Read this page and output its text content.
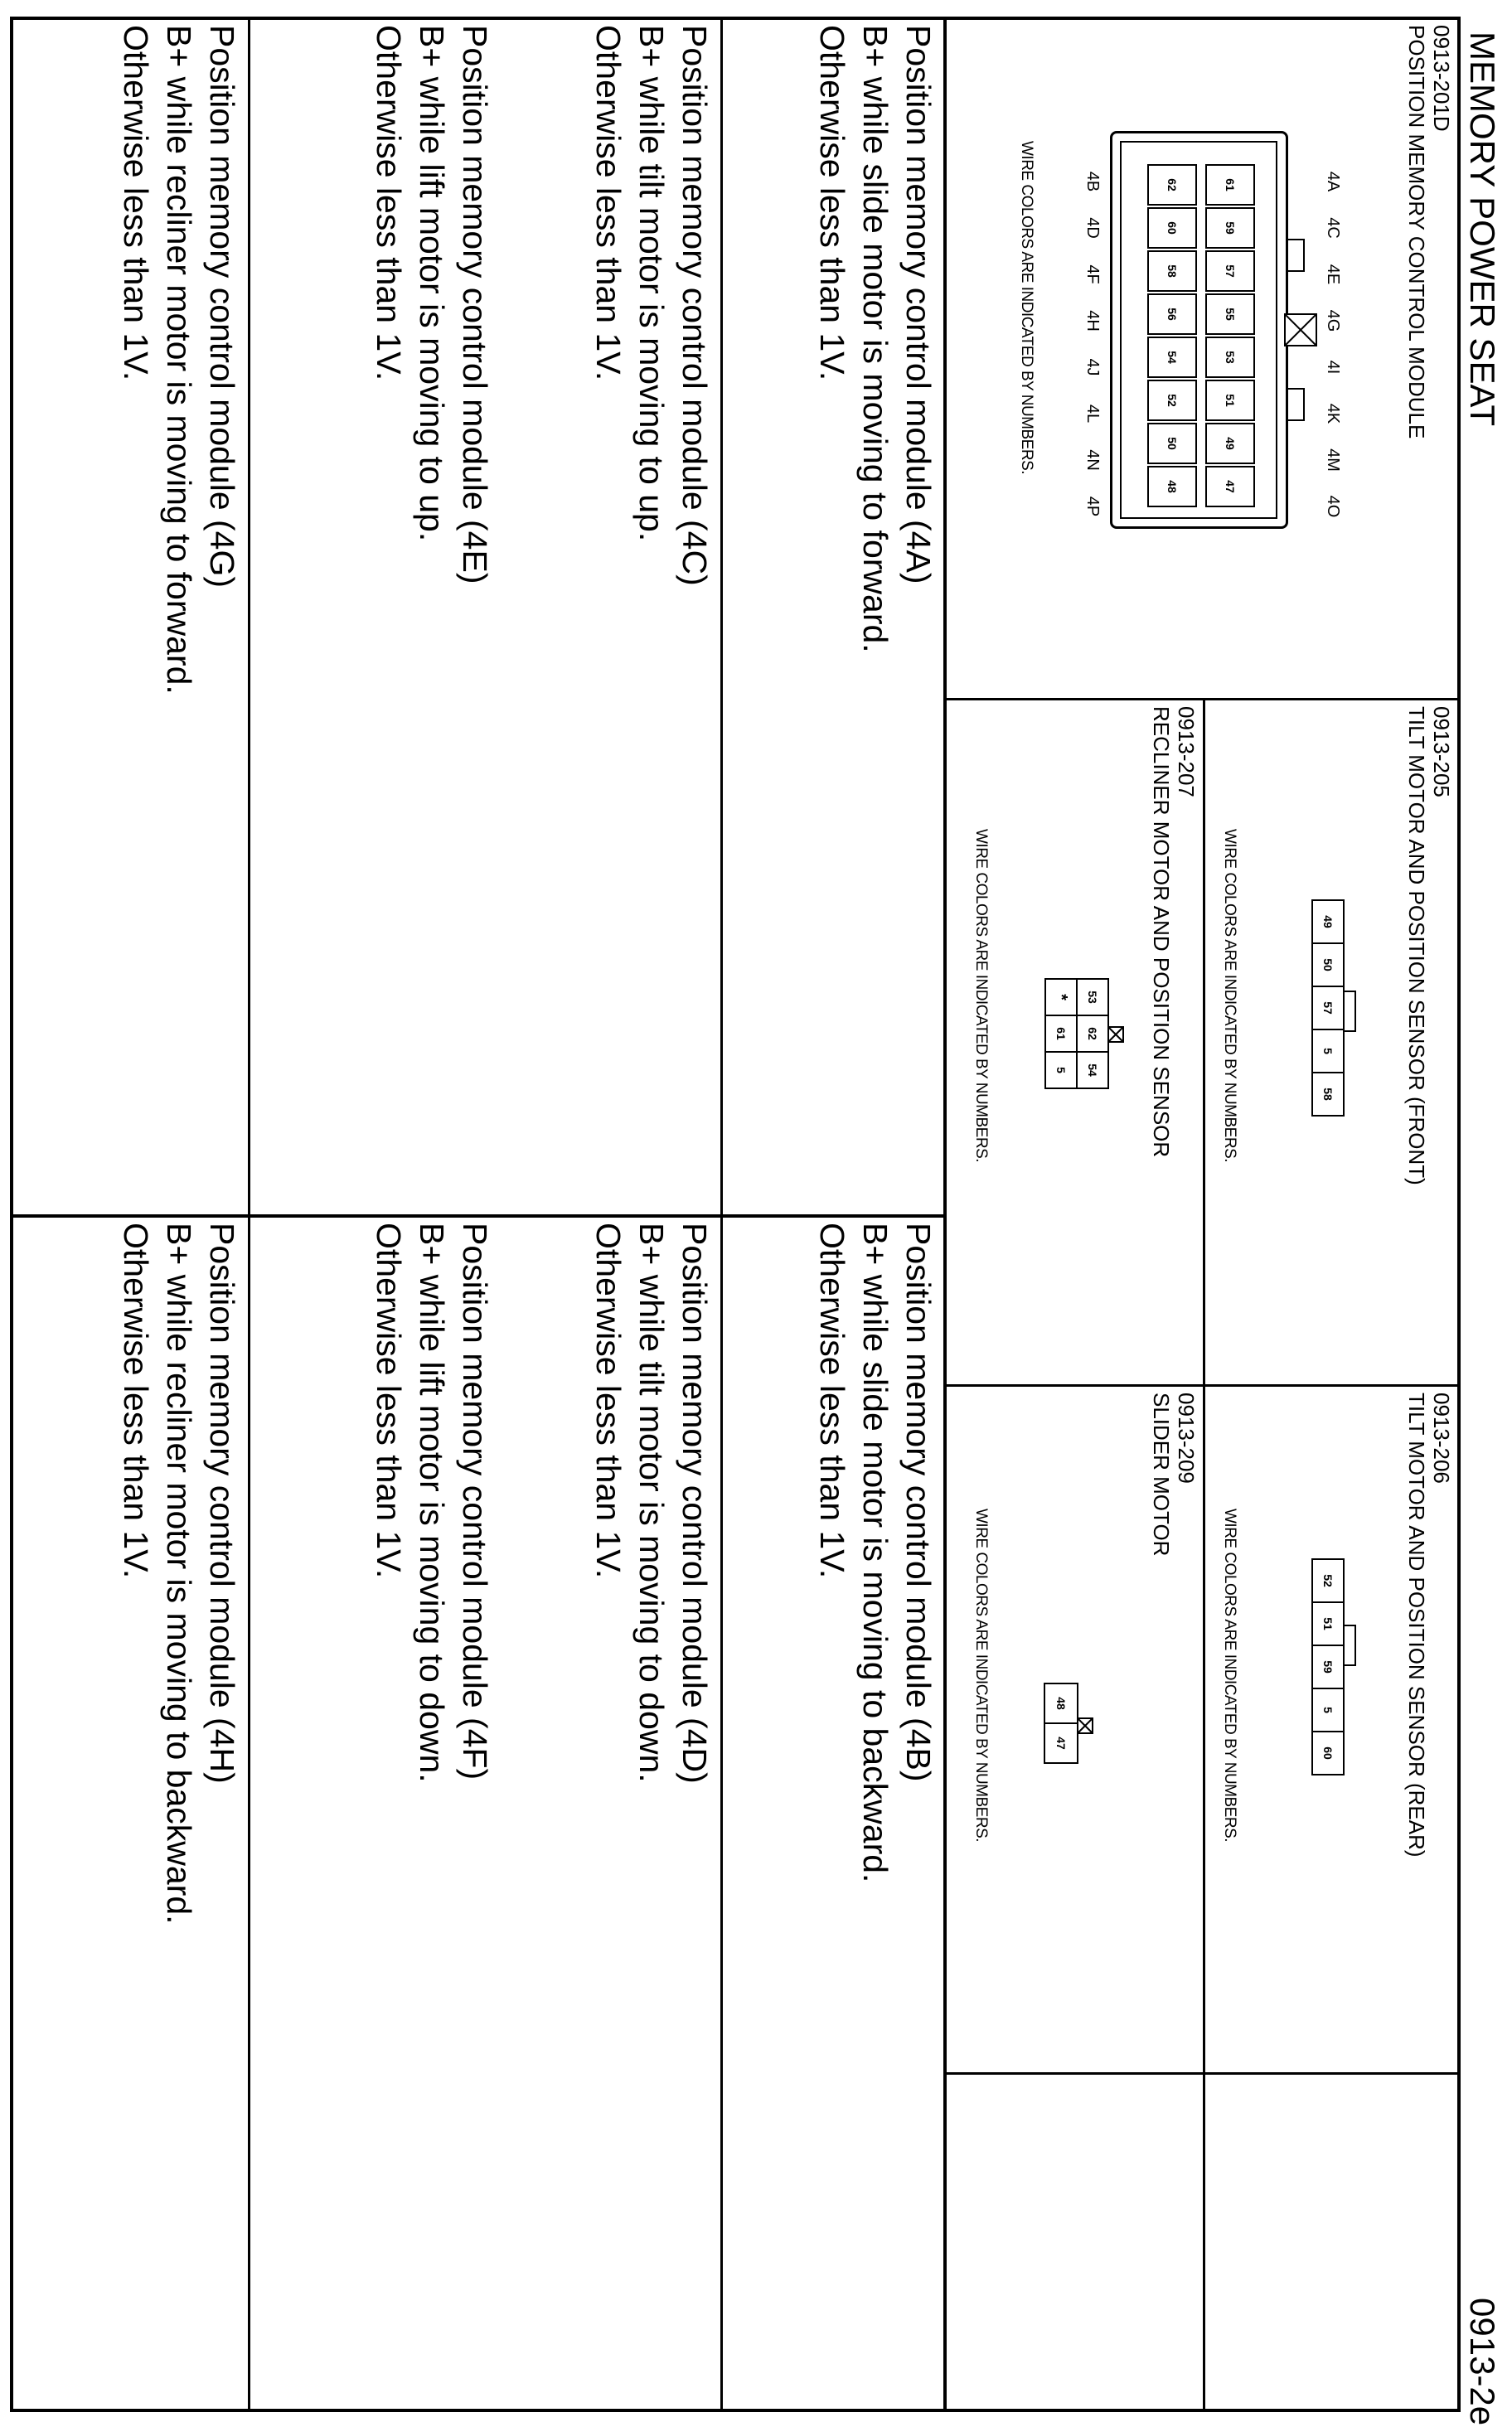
MEMORY POWER SEAT
0913-2e
0913-201D
POSITION MEMORY CONTROL MODULE
4A
4C
4E
4G
4I
4K
4M
4O
61
59
57
55
53
51
49
47
62
60
58
56
54
52
50
48
4B
4D
4F
4H
4J
4L
4N
4P
WIRE COLORS ARE INDICATED BY NUMBERS.
0913-205
TILT MOTOR AND POSITION SENSOR (FRONT)
49
50
57
5
58
WIRE COLORS ARE INDICATED BY NUMBERS.
0913-206
TILT MOTOR AND POSITION SENSOR (REAR)
52
51
59
5
60
WIRE COLORS ARE INDICATED BY NUMBERS.
0913-207
RECLINER MOTOR AND POSITION SENSOR
53
62
54
*
61
5
WIRE COLORS ARE INDICATED BY NUMBERS.
0913-209
SLIDER MOTOR
48
47
WIRE COLORS ARE INDICATED BY NUMBERS.
Position memory control module (4A)
B+ while slide motor is moving to forward.
Otherwise less than 1V.
Position memory control module (4B)
B+ while slide motor is moving to backward.
Otherwise less than 1V.
Position memory control module (4C)
B+ while tilt motor is moving to up.
Otherwise less than 1V.
Position memory control module (4D)
B+ while tilt motor is moving to down.
Otherwise less than 1V.
Position memory control module (4E)
B+ while lift motor is moving to up.
Otherwise less than 1V.
Position memory control module (4F)
B+ while lift motor is moving to down.
Otherwise less than 1V.
Position memory control module (4G)
B+ while recliner motor is moving to forward.
Otherwise less than 1V.
Position memory control module (4H)
B+ while recliner motor is moving to backward.
Otherwise less than 1V.
